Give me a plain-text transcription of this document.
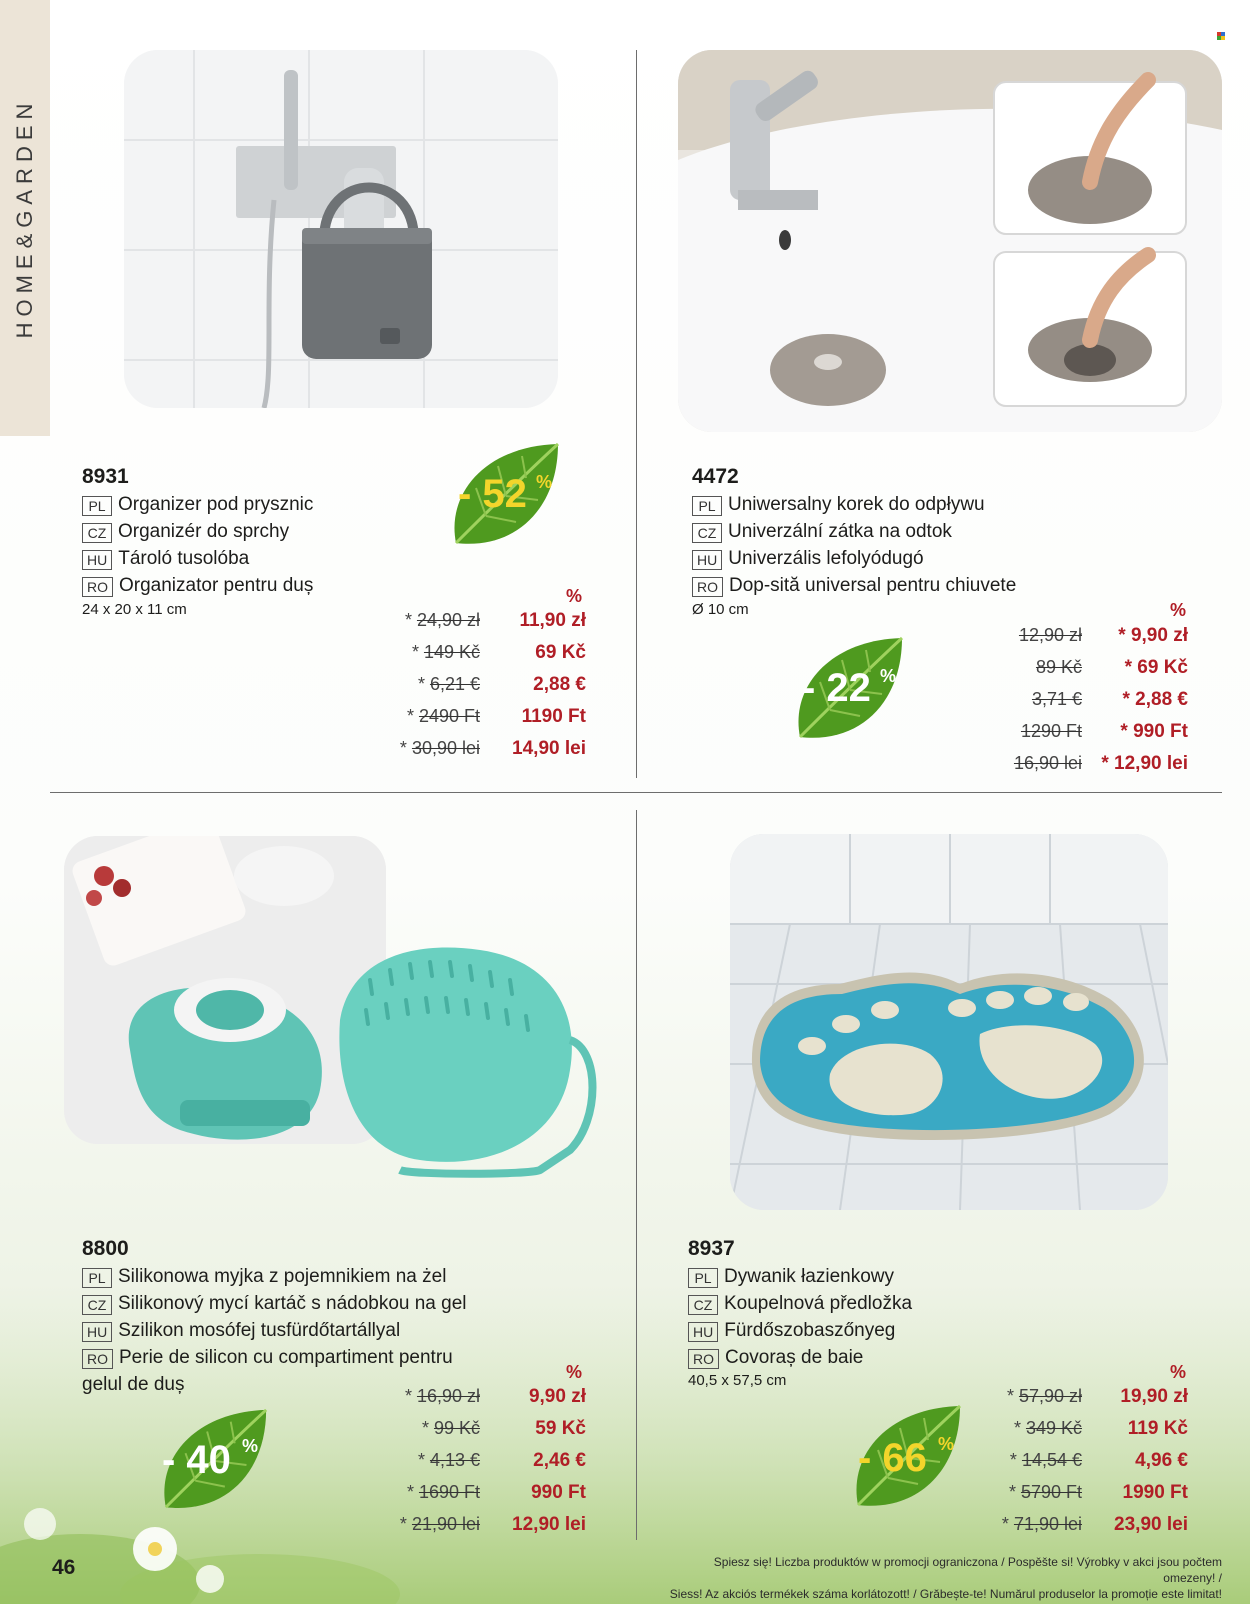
HOME&GARDEN
8931
PL Organizer pod prysznic
CZ Organizér do sprchy
HU Tároló tusolóba
RO Organizator pentru duș
24 x 20 x 11 cm
- 52 %
%
* 24,90 zł	11,90 zł
* 149 Kč	69 Kč
* 6,21 €	2,88 €
* 2490 Ft	1190 Ft
* 30,90 lei	14,90 lei
4472
PL Uniwersalny korek do odpływu
CZ Univerzální zátka na odtok
HU Univerzális lefolyódugó
RO Dop-sită universal pentru chiuvete
Ø 10 cm
- 22 %
%
12,90 zł	* 9,90 zł
89 Kč	* 69 Kč
3,71 €	* 2,88 €
1290 Ft	* 990 Ft
16,90 lei	* 12,90 lei
8800
PL Silikonowa myjka z pojemnikiem na żel
CZ Silikonový mycí kartáč s nádobkou na gel
HU Szilikon mosófej tusfürdőtartállyal
RO Perie de silicon cu compartiment pentru
gelul de duș
- 40 %
%
* 16,90 zł	9,90 zł
* 99 Kč	59 Kč
* 4,13 €	2,46 €
* 1690 Ft	990 Ft
* 21,90 lei	12,90 lei
8937
PL Dywanik łazienkowy
CZ Koupelnová předložka
HU Fürdőszobaszőnyeg
RO Covoraș de baie
40,5 x 57,5 cm
- 66 %
%
* 57,90 zł	19,90 zł
* 349 Kč	119 Kč
* 14,54 €	4,96 €
* 5790 Ft	1990 Ft
* 71,90 lei	23,90 lei
46	Spiesz się! Liczba produktów w promocji ograniczona / Pospěšte si! Výrobky v akci jsou počtem omezeny! /
Siess! Az akciós termékek száma korlátozott! / Grăbește-te! Numărul produselor la promoție este limitat!
